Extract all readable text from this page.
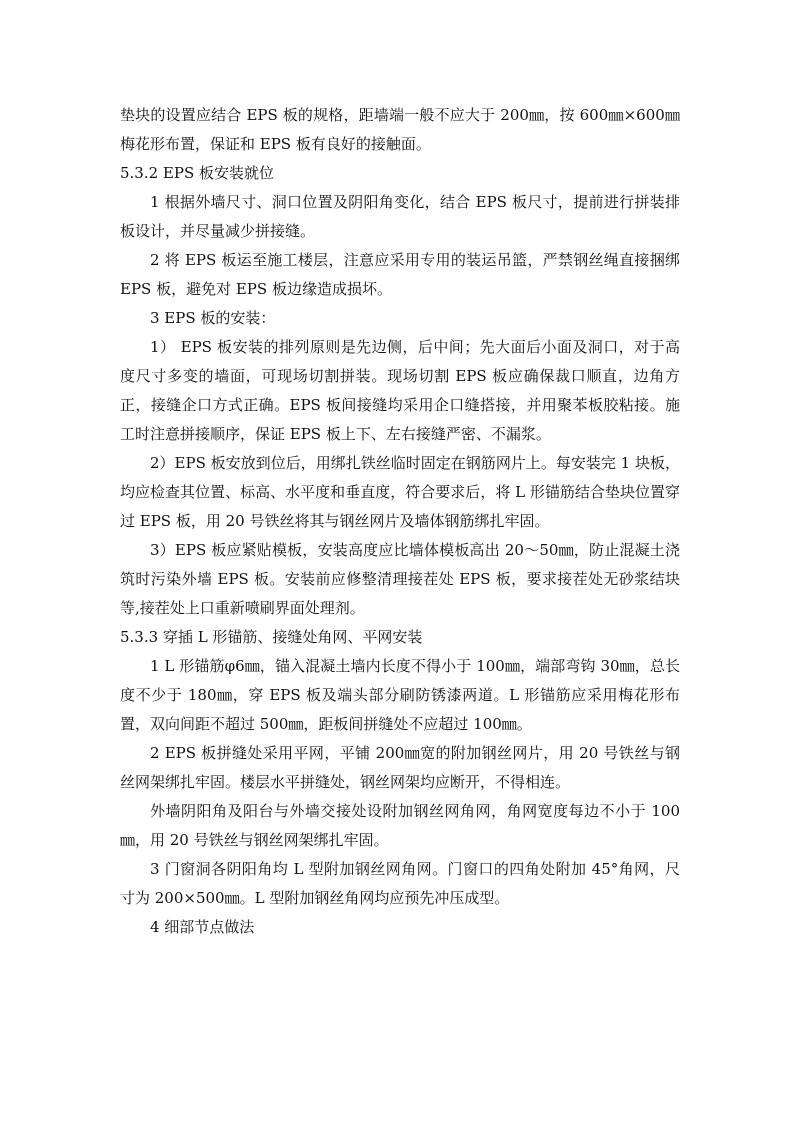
垫块的设置应结合 EPS 板的规格，距墙端一般不应大于 200㎜，按 600㎜×600㎜梅花形布置，保证和 EPS 板有良好的接触面。

5.3.2 EPS 板安装就位

1 根据外墙尺寸、洞口位置及阴阳角变化，结合 EPS 板尺寸，提前进行拼装排板设计，并尽量减少拼接缝。

2 将 EPS 板运至施工楼层，注意应采用专用的装运吊篮，严禁钢丝绳直接捆绑 EPS 板，避免对 EPS 板边缘造成损坏。

3 EPS 板的安装：

1） EPS 板安装的排列原则是先边侧，后中间；先大面后小面及洞口，对于高度尺寸多变的墙面，可现场切割拼装。现场切割 EPS 板应确保裁口顺直，边角方正，接缝企口方式正确。EPS 板间接缝均采用企口缝搭接，并用聚苯板胶粘接。施工时注意拼接顺序，保证 EPS 板上下、左右接缝严密、不漏浆。

2）EPS 板安放到位后，用绑扎铁丝临时固定在钢筋网片上。每安装完 1 块板，均应检查其位置、标高、水平度和垂直度，符合要求后，将 L 形锚筋结合垫块位置穿过 EPS 板，用 20 号铁丝将其与钢丝网片及墙体钢筋绑扎牢固。

3）EPS 板应紧贴模板，安装高度应比墙体模板高出 20～50㎜，防止混凝土浇筑时污染外墙 EPS 板。安装前应修整清理接茬处 EPS 板，要求接茬处无砂浆结块等,接茬处上口重新喷刷界面处理剂。

5.3.3 穿插 L 形锚筋、接缝处角网、平网安装

1 L 形锚筋φ6㎜，锚入混凝土墙内长度不得小于 100㎜，端部弯钩 30㎜，总长度不少于 180㎜，穿 EPS 板及端头部分刷防锈漆两道。L 形锚筋应采用梅花形布置，双向间距不超过 500㎜，距板间拼缝处不应超过 100㎜。

2 EPS 板拼缝处采用平网，平铺 200㎜宽的附加钢丝网片，用 20 号铁丝与钢丝网架绑扎牢固。楼层水平拼缝处，钢丝网架均应断开，不得相连。

外墙阴阳角及阳台与外墙交接处设附加钢丝网角网，角网宽度每边不小于 100㎜，用 20 号铁丝与钢丝网架绑扎牢固。

3 门窗洞各阴阳角均 L 型附加钢丝网角网。门窗口的四角处附加 45°角网，尺寸为 200×500㎜。L 型附加钢丝角网均应预先冲压成型。

4 细部节点做法
